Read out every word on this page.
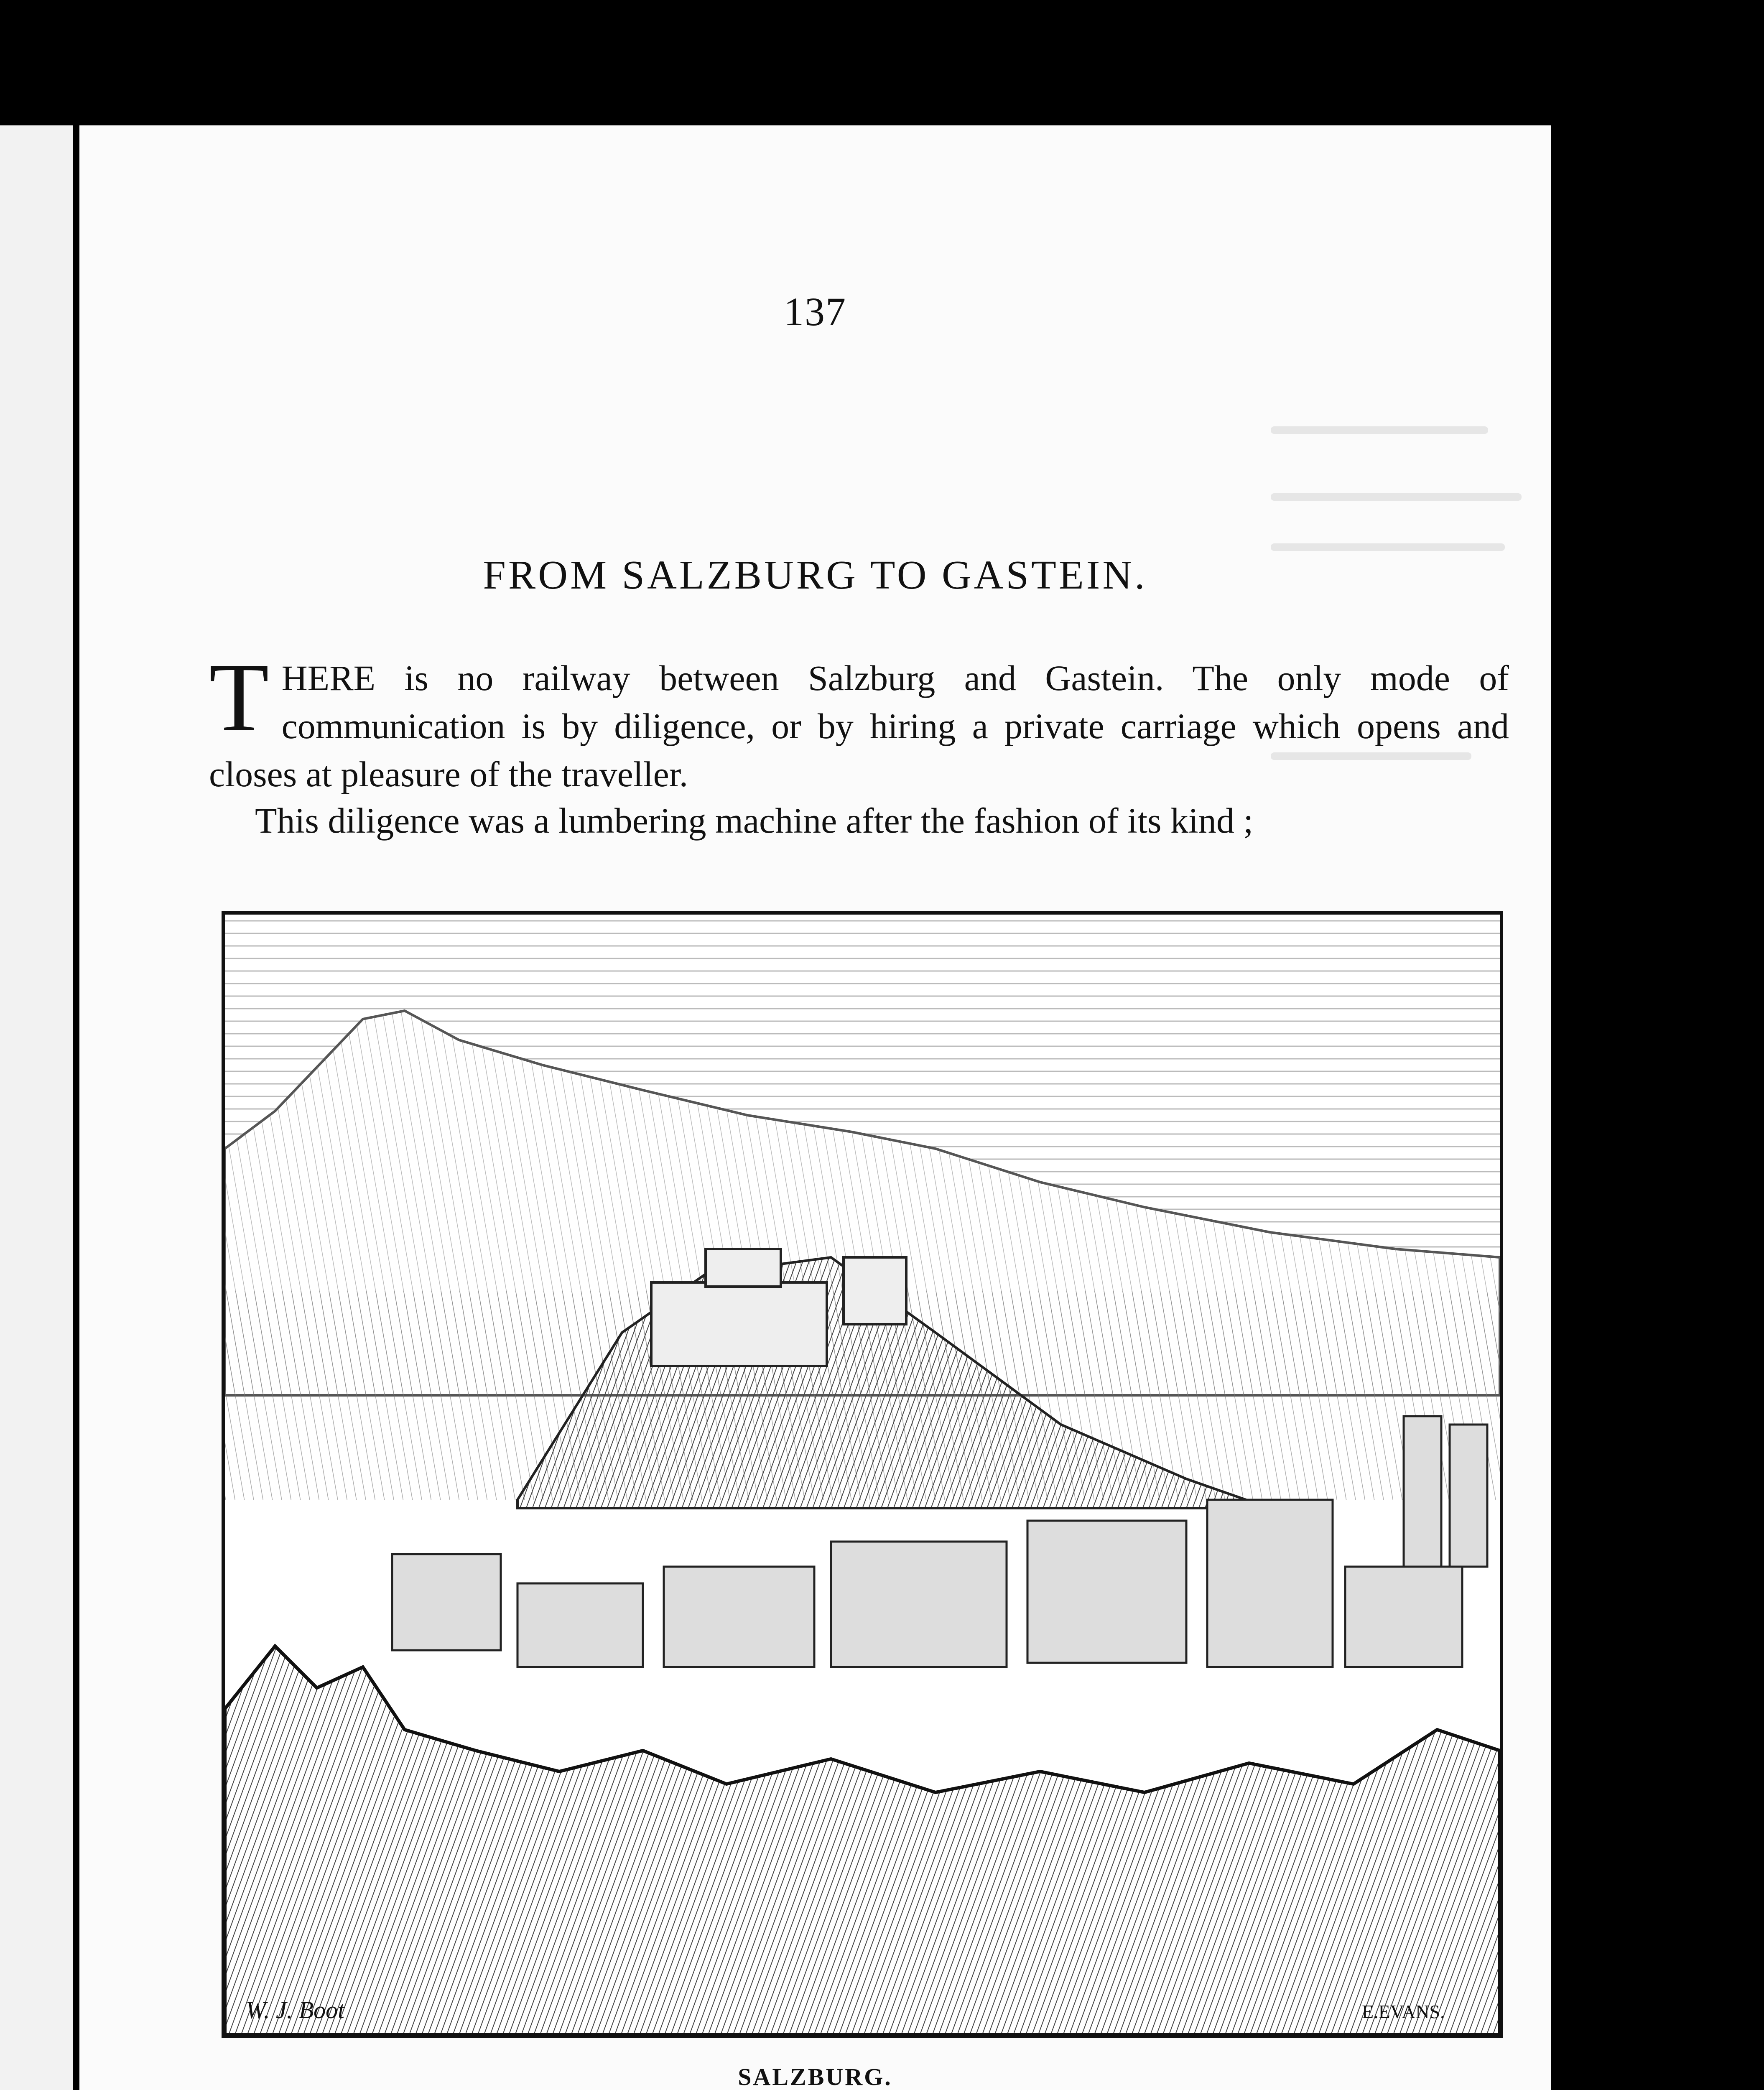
137
FROM SALZBURG TO GASTEIN.

THERE is no railway between Salzburg and Gastein. The only mode of communication is by diligence, or by hiring a private carriage which opens and closes at pleasure of the traveller.

This diligence was a lumbering machine after the fashion of its kind ;

W. J. Boot	E.EVANS.
SALZBURG.
